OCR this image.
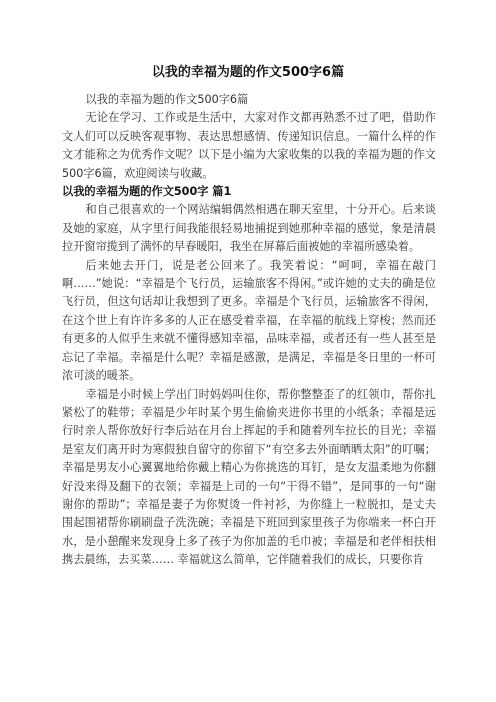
以我的幸福为题的作文500字6篇

以我的幸福为题的作文500字6篇

无论在学习、工作或是生活中，大家对作文都再熟悉不过了吧，借助作文人们可以反映客观事物、表达思想感情、传递知识信息。一篇什么样的作文才能称之为优秀作文呢？以下是小编为大家收集的以我的幸福为题的作文500字6篇，欢迎阅读与收藏。

以我的幸福为题的作文500字 篇1

和自己很喜欢的一个网站编辑偶然相遇在聊天室里，十分开心。后来谈及她的家庭，从字里行间我能很轻易地捕捉到她那种幸福的感觉，象是清晨拉开窗帘揽到了满怀的早春暖阳，我坐在屏幕后面被她的幸福所感染着。

后来她去开门，说是老公回来了。我笑着说：“呵呵，幸福在敲门啊……”她说：“幸福是个飞行员，运输旅客不得闲。”或许她的丈夫的确是位飞行员，但这句话却让我想到了更多。幸福是个飞行员，运输旅客不得闲，在这个世上有许许多多的人正在感受着幸福，在幸福的航线上穿梭；然而还有更多的人似乎生来就不懂得感知幸福，品味幸福，或者还有一些人甚至是忘记了幸福。幸福是什么呢？幸福是感激，是满足，幸福是冬日里的一杯可浓可淡的暖茶。

幸福是小时候上学出门时妈妈叫住你，帮你整整歪了的红领巾，帮你扎紧松了的鞋带；幸福是少年时某个男生偷偷夹进你书里的小纸条；幸福是远行时亲人帮你放好行李后站在月台上挥起的手和随着列车拉长的目光；幸福是室友们离开时为寒假独自留守的你留下“有空多去外面晒晒太阳”的叮嘱；幸福是男友小心翼翼地给你戴上精心为你挑选的耳钉，是女友温柔地为你翻好没来得及翻下的衣领；幸福是上司的一句“干得不错”，是同事的一句“谢谢你的帮助”；幸福是妻子为你熨烫一件衬衫，为你缝上一粒脱扣，是丈夫围起围裙帮你刷刷盘子洗洗碗；幸福是下班回到家里孩子为你端来一杯白开水，是小憩醒来发现身上多了孩子为你加盖的毛巾被；幸福是和老伴相扶相携去晨练，去买菜…… 幸福就这么简单，它伴随着我们的成长，只要你肯
